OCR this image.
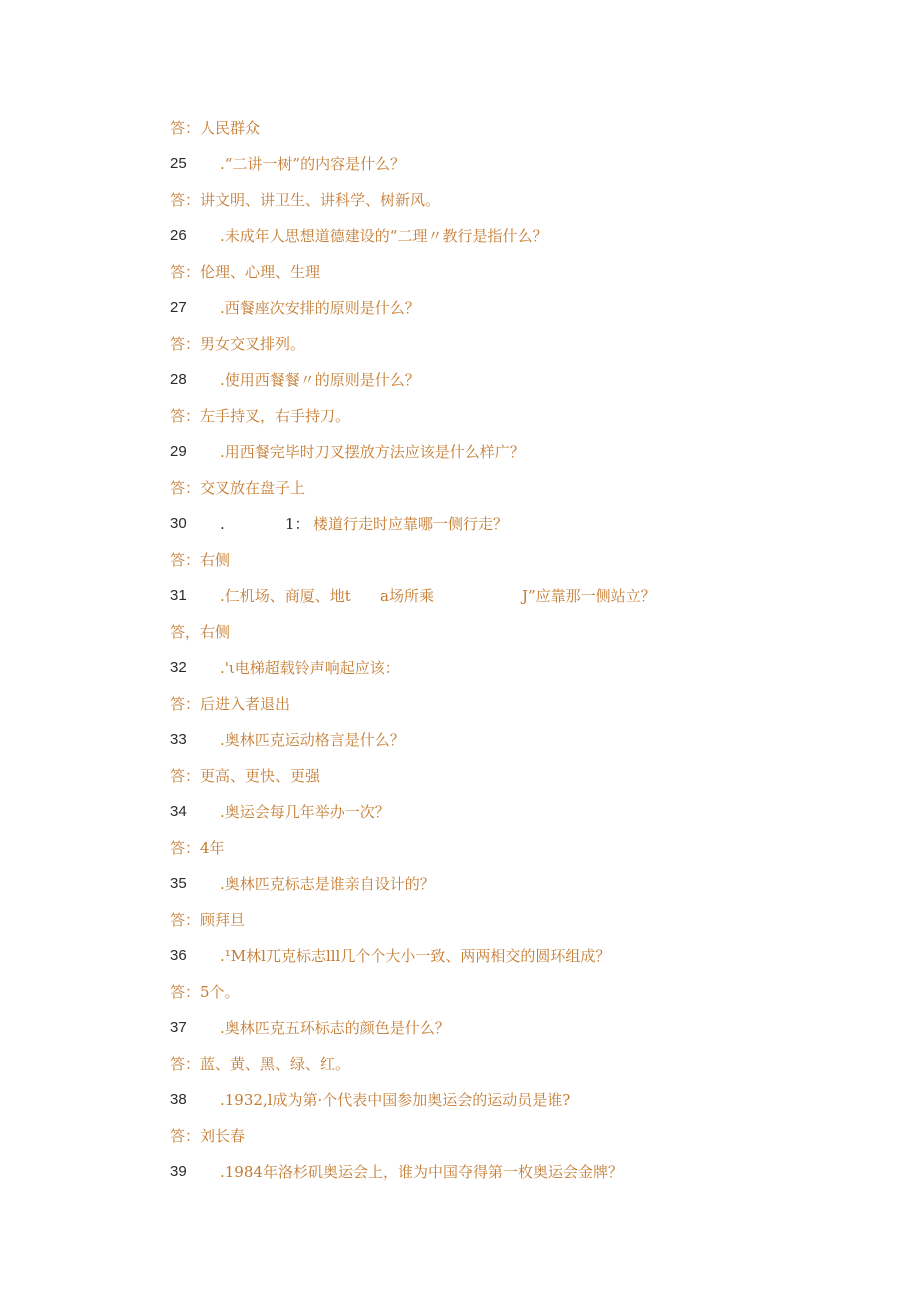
答：人民群众
25	.“二讲一树”的内容是什么？
答：讲文明、讲卫生、讲科学、树新风。
26	.未成年人思想道德建设的“二理〃教行是指什么？
答：伦理、心理、生理
27	.西餐座次安排的原则是什么？
答：男女交叉排列。
28	.使用西餐餐〃的原则是什么？
答：左手持叉，右手持刀。
29	.用西餐完毕时刀叉摆放方法应该是什么样广？
答：交叉放在盘子上
30	.	1： 楼道行走时应靠哪一侧行走？
答：右侧
31	.仁机场、商厦、地t a场所乘	J”应靠那一侧站立？
答，右侧
32	.'ι电梯超载铃声响起应该：
答：后进入者退出
33	.奥林匹克运动格言是什么？
答：更高、更快、更强
34	.奥运会每几年举办一次？
答：4年
35	.奥林匹克标志是谁亲自设计的？
答：顾拜旦
36	.¹M林l兀克标志lll几个个大小一致、两两相交的圆环组成？
答：5个。
37	.奥林匹克五环标志的颜色是什么？
答：蓝、黄、黑、绿、红。
38	.1932,l成为第·个代表中国参加奥运会的运动员是谁?
答：刘长春
39	.1984年洛杉矶奥运会上，谁为中国夺得第一枚奥运会金牌？
